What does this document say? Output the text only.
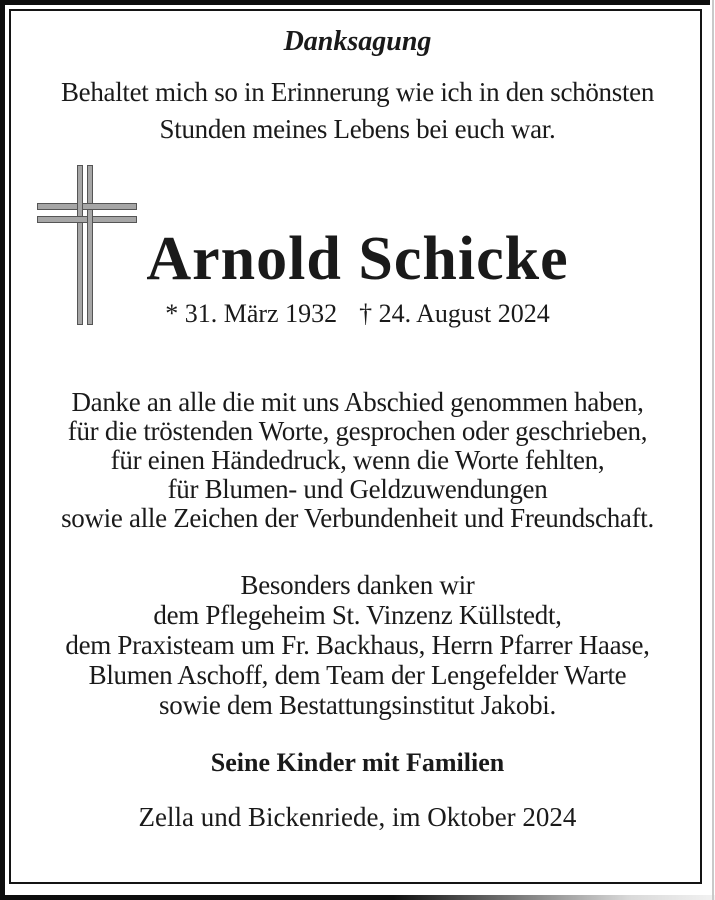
Danksagung
Behaltet mich so in Erinnerung wie ich in den schönsten
Stunden meines Lebens bei euch war.
Arnold Schicke
* 31. März 1932 † 24. August 2024
Danke an alle die mit uns Abschied genommen haben,
für die tröstenden Worte, gesprochen oder geschrieben,
für einen Händedruck, wenn die Worte fehlten,
für Blumen- und Geldzuwendungen
sowie alle Zeichen der Verbundenheit und Freundschaft.
Besonders danken wir
dem Pflegeheim St. Vinzenz Küllstedt,
dem Praxisteam um Fr. Backhaus, Herrn Pfarrer Haase,
Blumen Aschoff, dem Team der Lengefelder Warte
sowie dem Bestattungsinstitut Jakobi.
Seine Kinder mit Familien
Zella und Bickenriede, im Oktober 2024
